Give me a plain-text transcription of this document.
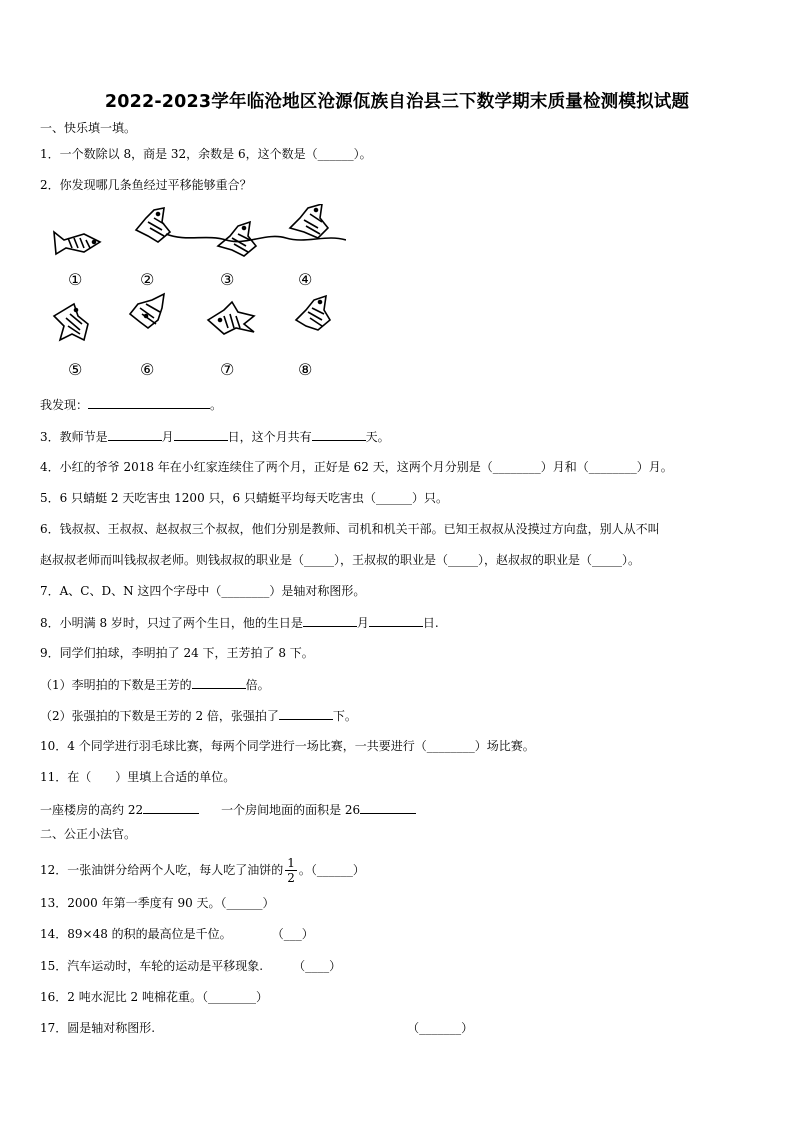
2022-2023学年临沧地区沧源佤族自治县三下数学期末质量检测模拟试题
一、快乐填一填。
1．一个数除以 8，商是 32，余数是 6，这个数是（______）。
2．你发现哪几条鱼经过平移能够重合？
①	②	③	④
⑤	⑥	⑦	⑧
我发现：	。
3．教师节是	月	日，这个月共有	天。
4．小红的爷爷 2018 年在小红家连续住了两个月，正好是 62 天，这两个月分别是（________）月和（________）月。
5．6 只蜻蜓 2 天吃害虫 1200 只，6 只蜻蜓平均每天吃害虫（______）只。
6．钱叔叔、王叔叔、赵叔叔三个叔叔，他们分别是教师、司机和机关干部。已知王叔叔从没摸过方向盘，别人从不叫
赵叔叔老师而叫钱叔叔老师。则钱叔叔的职业是（_____），王叔叔的职业是（_____），赵叔叔的职业是（_____）。
7．A、C、D、N 这四个字母中（________）是轴对称图形。
8．小明满 8 岁时，只过了两个生日，他的生日是	月	日.
9．同学们拍球，李明拍了 24 下，王芳拍了 8 下。
（1）李明拍的下数是王芳的	倍。
（2）张强拍的下数是王芳的 2 倍，张强拍了	下。
10．4 个同学进行羽毛球比赛，每两个同学进行一场比赛，一共要进行（________）场比赛。
11．在（　　）里填上合适的单位。
一座楼房的高约 22	一个房间地面的面积是 26
二、公正小法官。
12．一张油饼分给两个人吃，每人吃了油饼的 $\frac{1}{2}$ 。（______）
13．2000 年第一季度有 90 天。（______）
14．89×48 的积的最高位是千位。	（___）
15．汽车运动时，车轮的运动是平移现象.	（____）
16．2 吨水泥比 2 吨棉花重。（________）
17．圆是轴对称图形.	（_______）
